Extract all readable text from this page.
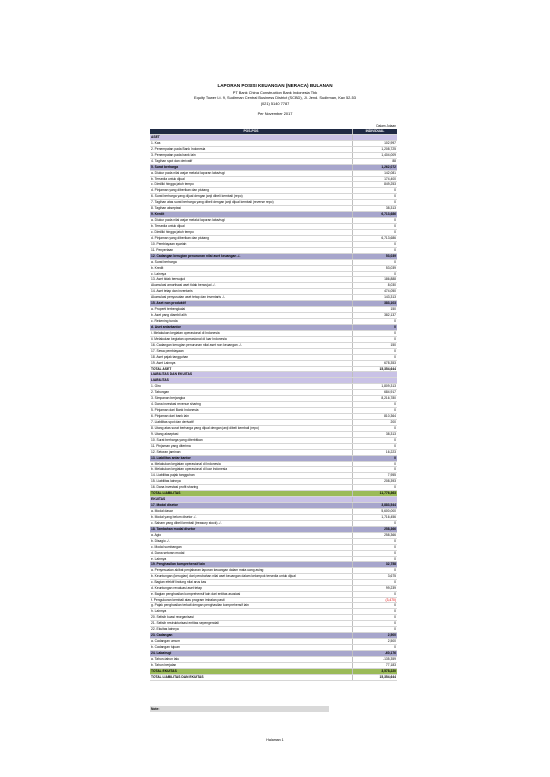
LAPORAN POSISI KEUANGAN (NERACA) BULANAN
PT Bank China Construction Bank Indonesia Tbk
Equity Tower Lt. 9, Sudirman Central Business District (SCBD), Jl. Jend. Sudirman, Kav 52-53
(021) 5140 7787
Per November 2017
Dalam Jutaan
POS-POS	INDIVIDUAL
ASET	
1. Kas	102,997
2. Penempatan pada Bank Indonesia	1,208,725
3. Penempatan pada bank lain	1,404,009
4. Tagihan spot dan derivatif	88
5. Surat berharga	1,262,072
a. Diukur pada nilai wajar melalui laporan laba/rugi	142,081
b. Tersedia untuk dijual	174,400
c. Dimiliki hingga jatuh tempo	849,253
d. Pinjaman yang diberikan dan piutang	0
6. Surat berharga yang dijual dengan janji dibeli kembali (repo)	0
7. Tagihan atas surat berharga yang dibeli dengan janji dijual kembali (reverse repo)	0
8. Tagihan akseptasi	38,313
9. Kredit	6,713,686
a. Diukur pada nilai wajar melalui laporan laba/rugi	0
b. Tersedia untuk dijual	0
c. Dimiliki hingga jatuh tempo	0
d. Pinjaman yang diberikan dan piutang	6,713,686
10. Pembiayaan syariah	0
11. Penyertaan	0
12. Cadangan kerugian penurunan nilai aset keuangan -/-	53,039
a. Surat berharga	0
b. Kredit	53,039
c. Lainnya	0
13. Aset tidak berwujud	186,888
Akumulasi amortisasi aset tidak berwujud -/-	8,030
14. Aset tetap dan inventaris	474,050
Akumulasi penyusutan aset tetap dan inventaris -/-	143,313
15. Aset non produktif	383,103
a. Properti terbengkalai	150
b. Aset yang diambil alih	382,137
c. Rekening tunda	0
d. Aset antarkantor	0
i. Melakukan kegiatan operasional di Indonesia	0
ii. Melakukan kegiatan operasional di luar Indonesia	0
16. Cadangan kerugian penurunan nilai aset non keuangan -/-	150
17. Sewa pembiayaan	0
18. Aset pajak tangguhan	0
19. Aset Lainnya	678,353
TOTAL ASET	15,354,644
LIABILITAS DAN EKUITAS	
LIABILITAS	
1. Giro	1,809,313
2. Tabungan	684,917
3. Simpanan berjangka	8,216,780
4. Dana investasi revenue sharing	0
5. Pinjaman dari Bank Indonesia	0
6. Pinjaman dari bank lain	810,364
7. Liabilitas spot dan derivatif	200
8. Utang atas surat berharga yang dijual dengan janji dibeli kembali (repo)	0
9. Utang akseptasi	38,313
10. Surat berharga yang diterbitkan	0
11. Pinjaman yang diterima	0
12. Setoran jaminan	16,223
13. Liabilitas antar kantor	0
a. Melakukan kegiatan operasional di Indonesia	0
b. Melakukan kegiatan operasional di luar Indonesia	0
14. Liabilitas pajak tangguhan	7,955
15. Liabilitas lainnya	208,393
16. Dana investasi profit sharing	0
TOTAL LIABILITAS	11,776,363
EKUITAS	
17. Modal disetor	3,883,544
a. Modal dasar	5,600,000
b. Modal yang belum disetor -/-	1,716,456
c. Saham yang dibeli kembali (treasury stock) -/-	0
18. Tambahan modal disetor	258,366
a. Agio	258,366
b. Disagio -/-	0
c. Modal sumbangan	0
d. Dana setoran modal	0
e. Lainnya	0
19. Penghasilan komprehensif lain	32,758
a. Penyesuaian akibat penjabaran laporan keuangan dalam mata uang asing	0
b. Keuntungan (kerugian) dari perubahan nilai aset keuangan dalam kelompok tersedia untuk dijual	3,675
c. Bagian efektif lindung nilai arus kas	0
d. Keuntungan revaluasi aset tetap	99,239
e. Bagian penghasilan komprehensif lain dari entitas asosiasi	0
f. Pengukuran kembali atas program imbalan pasti	(3,470)
g. Pajak penghasilan terkait dengan penghasilan komprehensif lain	0
h. Lainnya	0
20. Selisih kuasi reorganisasi	0
21. Selisih restrukturisasi entitas sepengendali	0
22. Ekuitas lainnya	0
23. Cadangan	2,500
a. Cadangan umum	2,500
b. Cadangan tujuan	0
24. Laba/rugi	-60,176
a. Tahun-tahun lalu	-135,359
b. Tahun berjalan	77,183
TOTAL EKUITAS	3,578,220
TOTAL LIABILITAS DAN EKUITAS	15,354,644
Note:
Halaman 1
